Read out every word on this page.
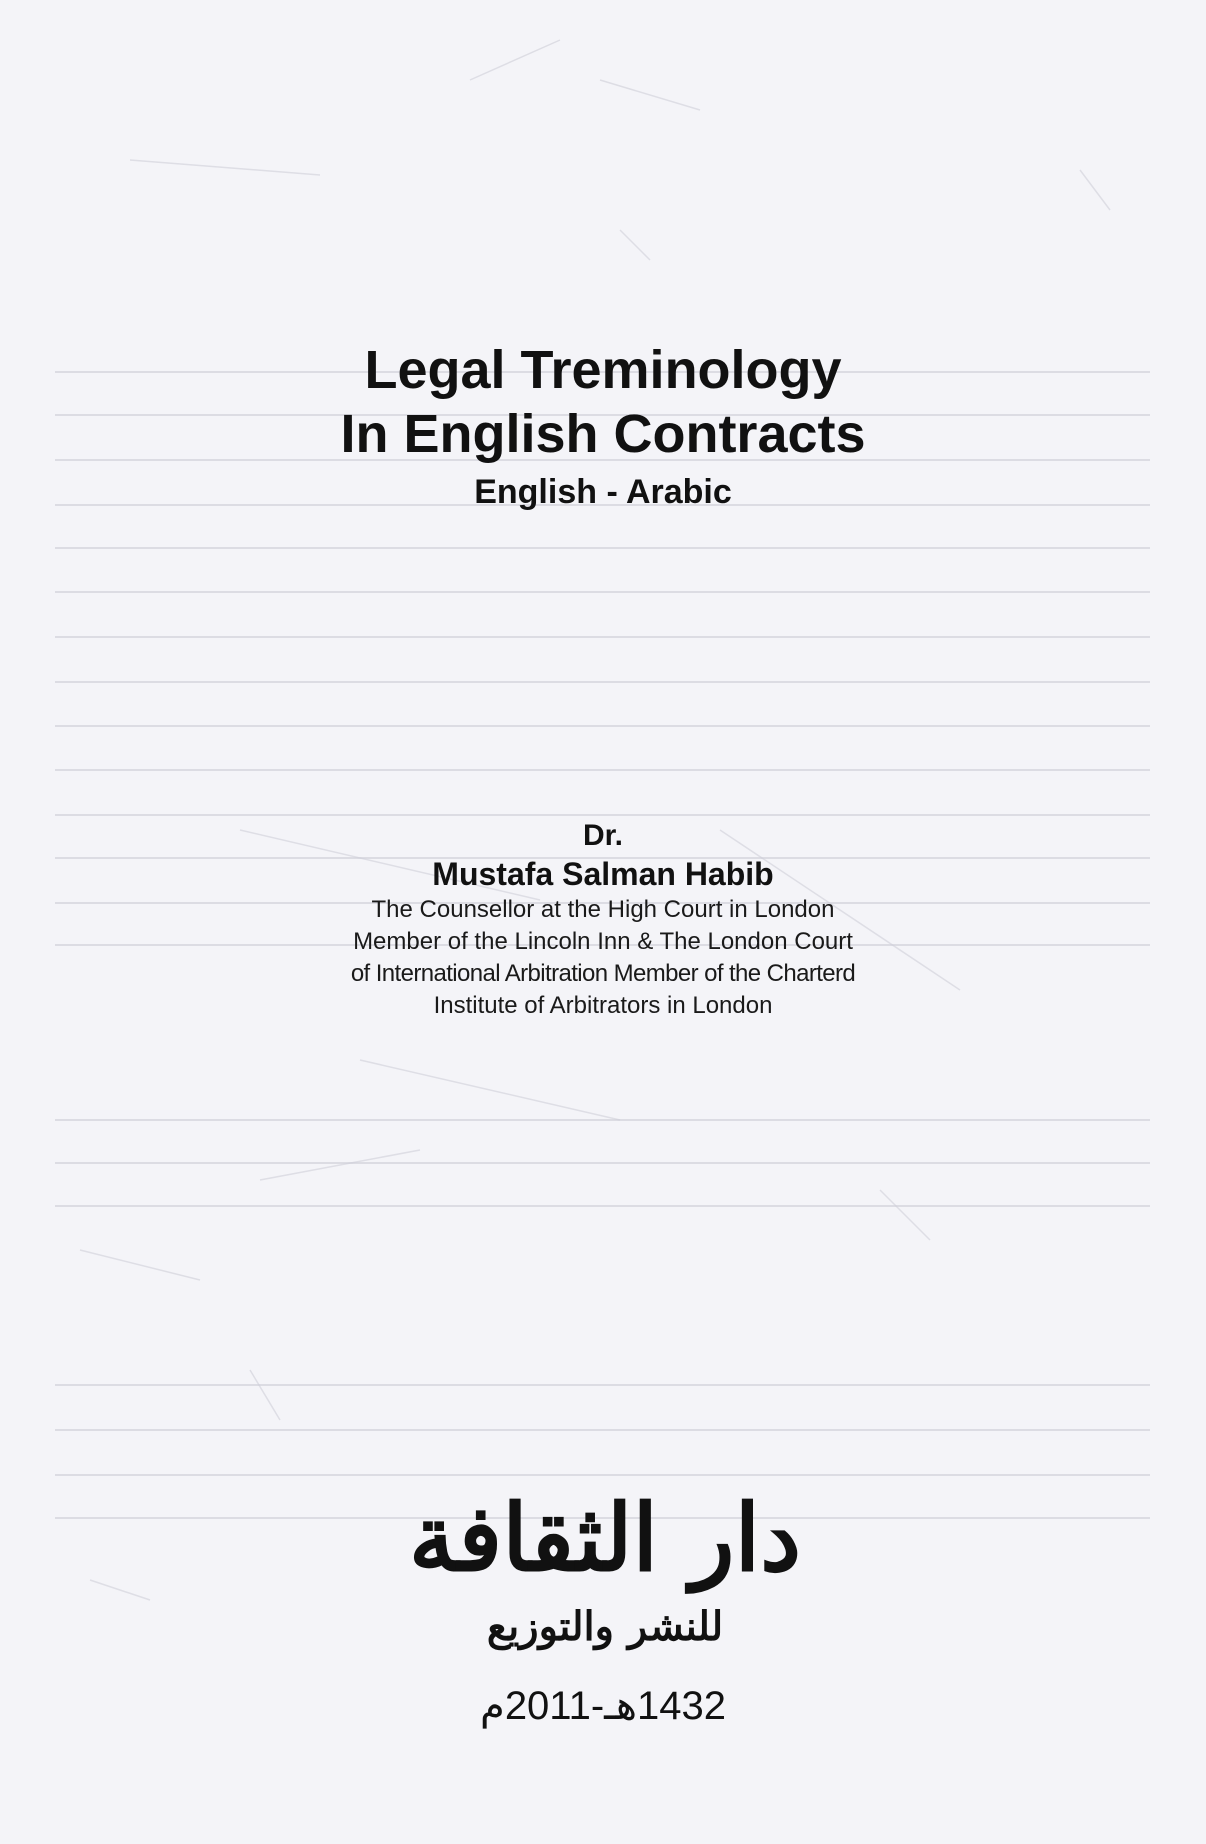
Legal Treminology
In English Contracts
English - Arabic
Dr.
Mustafa Salman Habib
The Counsellor at the High Court in London
Member of the Lincoln Inn & The London Court
of International Arbitration Member of the Charterd
Institute of Arbitrators in London
دار الثقافة
للنشر والتوزيع
1432هـ-2011م
